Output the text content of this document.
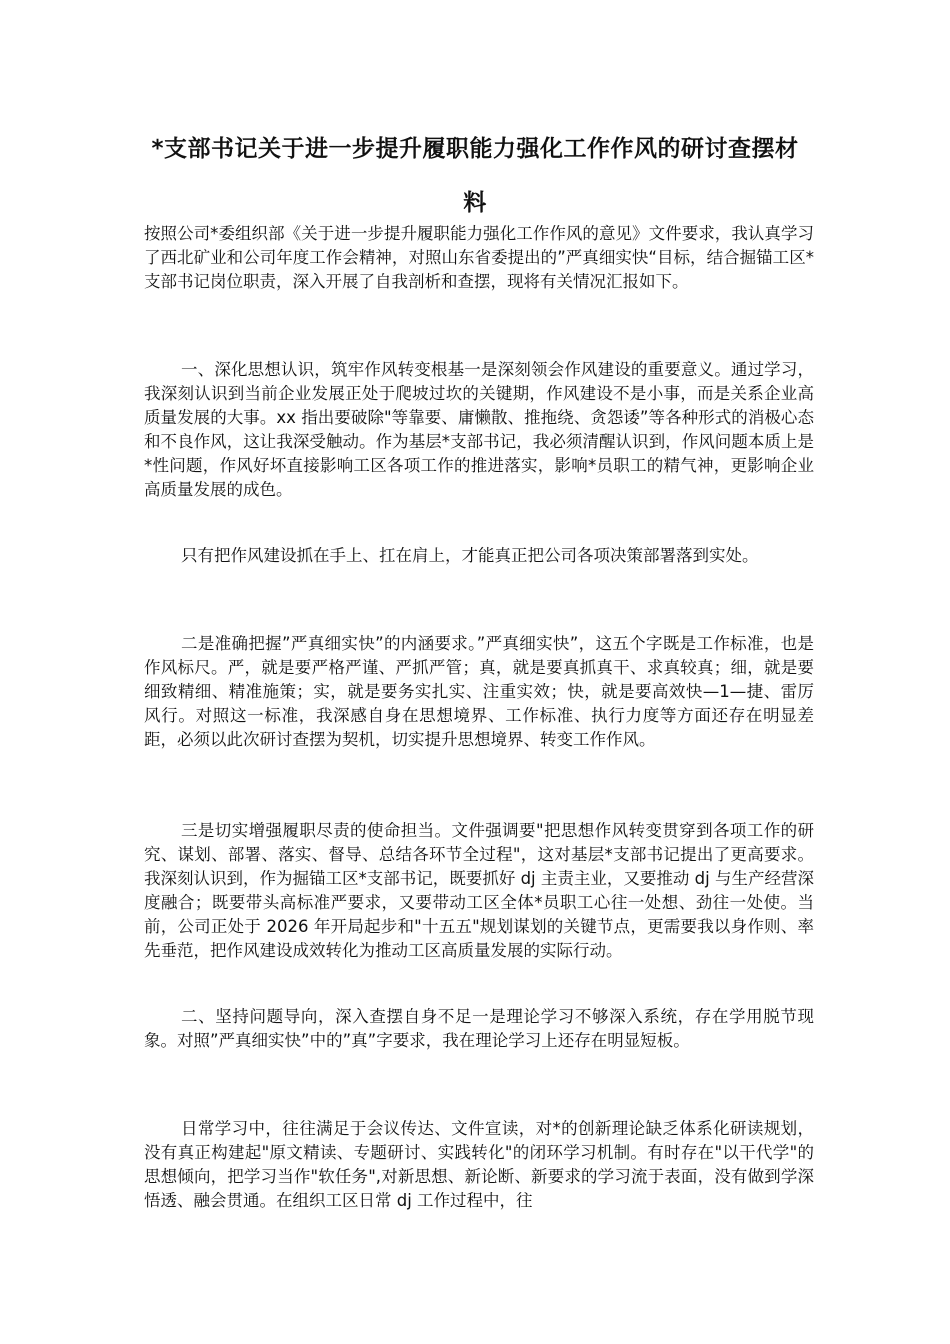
*支部书记关于进一步提升履职能力强化工作作风的研讨查摆材料

按照公司*委组织部《关于进一步提升履职能力强化工作作风的意见》文件要求，我认真学习了西北矿业和公司年度工作会精神，对照山东省委提出的”严真细实快“目标，结合掘锚工区*支部书记岗位职责，深入开展了自我剖析和查摆，现将有关情况汇报如下。

一、深化思想认识，筑牢作风转变根基一是深刻领会作风建设的重要意义。通过学习，我深刻认识到当前企业发展正处于爬坡过坎的关键期，作风建设不是小事，而是关系企业高质量发展的大事。xx 指出要破除"等靠要、庸懒散、推拖绕、贪怨诿”等各种形式的消极心态和不良作风，这让我深受触动。作为基层*支部书记，我必须清醒认识到，作风问题本质上是*性问题，作风好坏直接影响工区各项工作的推进落实，影响*员职工的精气神，更影响企业高质量发展的成色。

只有把作风建设抓在手上、扛在肩上，才能真正把公司各项决策部署落到实处。

二是准确把握”严真细实快”的内涵要求。”严真细实快”，这五个字既是工作标准，也是作风标尺。严，就是要严格严谨、严抓严管；真，就是要真抓真干、求真较真；细，就是要细致精细、精准施策；实，就是要务实扎实、注重实效；快，就是要高效快—1—捷、雷厉风行。对照这一标准，我深感自身在思想境界、工作标准、执行力度等方面还存在明显差距，必须以此次研讨查摆为契机，切实提升思想境界、转变工作作风。

三是切实增强履职尽责的使命担当。文件强调要"把思想作风转变贯穿到各项工作的研究、谋划、部署、落实、督导、总结各环节全过程"，这对基层*支部书记提出了更高要求。我深刻认识到，作为掘锚工区*支部书记，既要抓好 dj 主责主业，又要推动 dj 与生产经营深度融合；既要带头高标准严要求，又要带动工区全体*员职工心往一处想、劲往一处使。当前，公司正处于 2026 年开局起步和"十五五"规划谋划的关键节点，更需要我以身作则、率先垂范，把作风建设成效转化为推动工区高质量发展的实际行动。

二、坚持问题导向，深入查摆自身不足一是理论学习不够深入系统，存在学用脱节现象。对照”严真细实快”中的”真”字要求，我在理论学习上还存在明显短板。

日常学习中，往往满足于会议传达、文件宣读，对*的创新理论缺乏体系化研读规划，没有真正构建起"原文精读、专题研讨、实践转化"的闭环学习机制。有时存在"以干代学"的思想倾向，把学习当作"软任务",对新思想、新论断、新要求的学习流于表面，没有做到学深悟透、融会贯通。在组织工区日常 dj 工作过程中，往
